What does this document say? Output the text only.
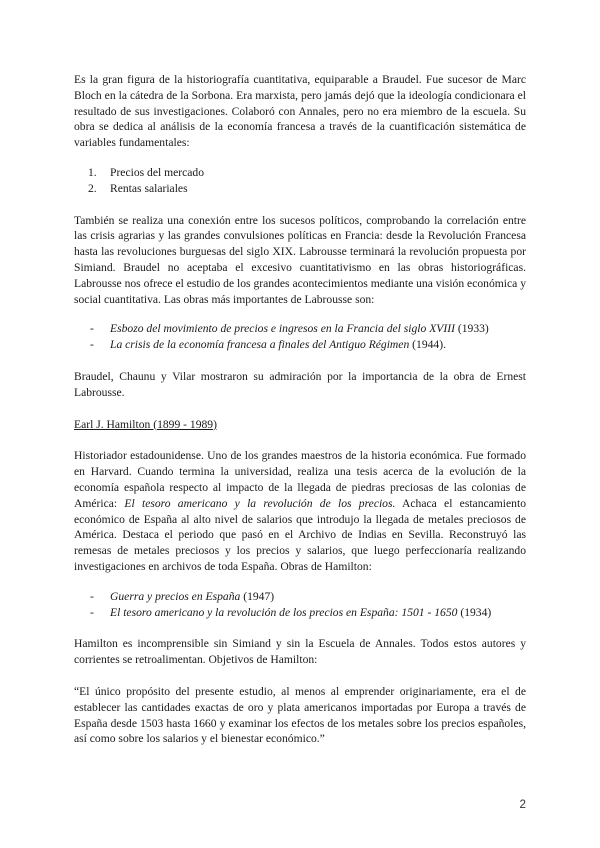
Es la gran figura de la historiografía cuantitativa, equiparable a Braudel. Fue sucesor de Marc Bloch en la cátedra de la Sorbona. Era marxista, pero jamás dejó que la ideología condicionara el resultado de sus investigaciones. Colaboró con Annales, pero no era miembro de la escuela. Su obra se dedica al análisis de la economía francesa a través de la cuantificación sistemática de variables fundamentales:

1. Precios del mercado
2. Rentas salariales

También se realiza una conexión entre los sucesos políticos, comprobando la correlación entre las crisis agrarias y las grandes convulsiones políticas en Francia: desde la Revolución Francesa hasta las revoluciones burguesas del siglo XIX. Labrousse terminará la revolución propuesta por Simiand. Braudel no aceptaba el excesivo cuantitativismo en las obras historiográficas. Labrousse nos ofrece el estudio de los grandes acontecimientos mediante una visión económica y social cuantitativa. Las obras más importantes de Labrousse son:

- Esbozo del movimiento de precios e ingresos en la Francia del siglo XVIII (1933)
- La crisis de la economía francesa a finales del Antiguo Régimen (1944).

Braudel, Chaunu y Vilar mostraron su admiración por la importancia de la obra de Ernest Labrousse.

Earl J. Hamilton (1899 - 1989)

Historiador estadounidense. Uno de los grandes maestros de la historia económica. Fue formado en Harvard. Cuando termina la universidad, realiza una tesis acerca de la evolución de la economía española respecto al impacto de la llegada de piedras preciosas de las colonias de América: El tesoro americano y la revolución de los precios. Achaca el estancamiento económico de España al alto nivel de salarios que introdujo la llegada de metales preciosos de América. Destaca el periodo que pasó en el Archivo de Indias en Sevilla. Reconstruyó las remesas de metales preciosos y los precios y salarios, que luego perfeccionaría realizando investigaciones en archivos de toda España. Obras de Hamilton:

- Guerra y precios en España (1947)
- El tesoro americano y la revolución de los precios en España: 1501 - 1650 (1934)

Hamilton es incomprensible sin Simiand y sin la Escuela de Annales. Todos estos autores y corrientes se retroalimentan. Objetivos de Hamilton:

“El único propósito del presente estudio, al menos al emprender originariamente, era el de establecer las cantidades exactas de oro y plata americanos importadas por Europa a través de España desde 1503 hasta 1660 y examinar los efectos de los metales sobre los precios españoles, así como sobre los salarios y el bienestar económico.”

2
